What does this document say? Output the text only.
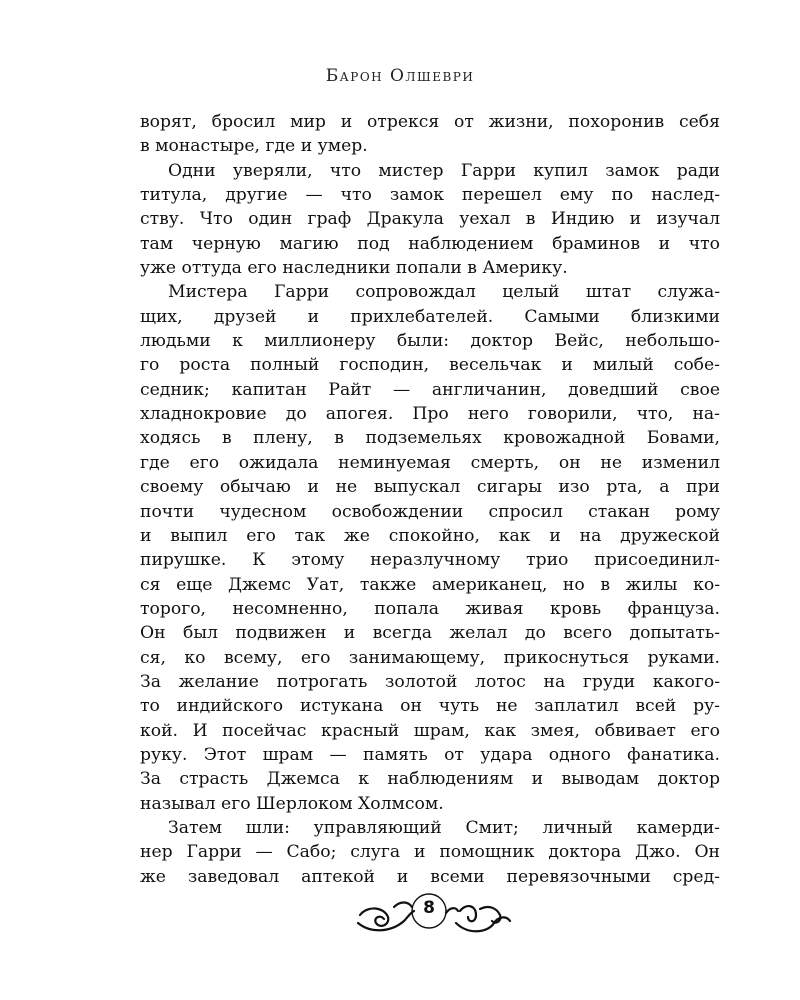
Барон Олшеври
ворят, бросил мир и отрекся от жизни, похоронив себя
в монастыре, где и умер.
Одни уверяли, что мистер Гарри купил замок ради
титула, другие — что замок перешел ему по наслед-
ству. Что один граф Дракула уехал в Индию и изучал
там черную магию под наблюдением браминов и что
уже оттуда его наследники попали в Америку.
Мистера Гарри сопровождал целый штат служа-
щих, друзей и прихлебателей. Самыми близкими
людьми к миллионеру были: доктор Вейс, небольшо-
го роста полный господин, весельчак и милый собе-
седник; капитан Райт — англичанин, доведший свое
хладнокровие до апогея. Про него говорили, что, на-
ходясь в плену, в подземельях кровожадной Бовами,
где его ожидала неминуемая смерть, он не изменил
своему обычаю и не выпускал сигары изо рта, а при
почти чудесном освобождении спросил стакан рому
и выпил его так же спокойно, как и на дружеской
пирушке. К этому неразлучному трио присоединил-
ся еще Джемс Уат, также американец, но в жилы ко-
торого, несомненно, попала живая кровь француза.
Он был подвижен и всегда желал до всего допытать-
ся, ко всему, его занимающему, прикоснуться руками.
За желание потрогать золотой лотос на груди какого-
то индийского истукана он чуть не заплатил всей ру-
кой. И посейчас красный шрам, как змея, обвивает его
руку. Этот шрам — память от удара одного фанатика.
За страсть Джемса к наблюдениям и выводам доктор
называл его Шерлоком Холмсом.
Затем шли: управляющий Смит; личный камерди-
нер Гарри — Сабо; слуга и помощник доктора Джо. Он
же заведовал аптекой и всеми перевязочными сред-
8
